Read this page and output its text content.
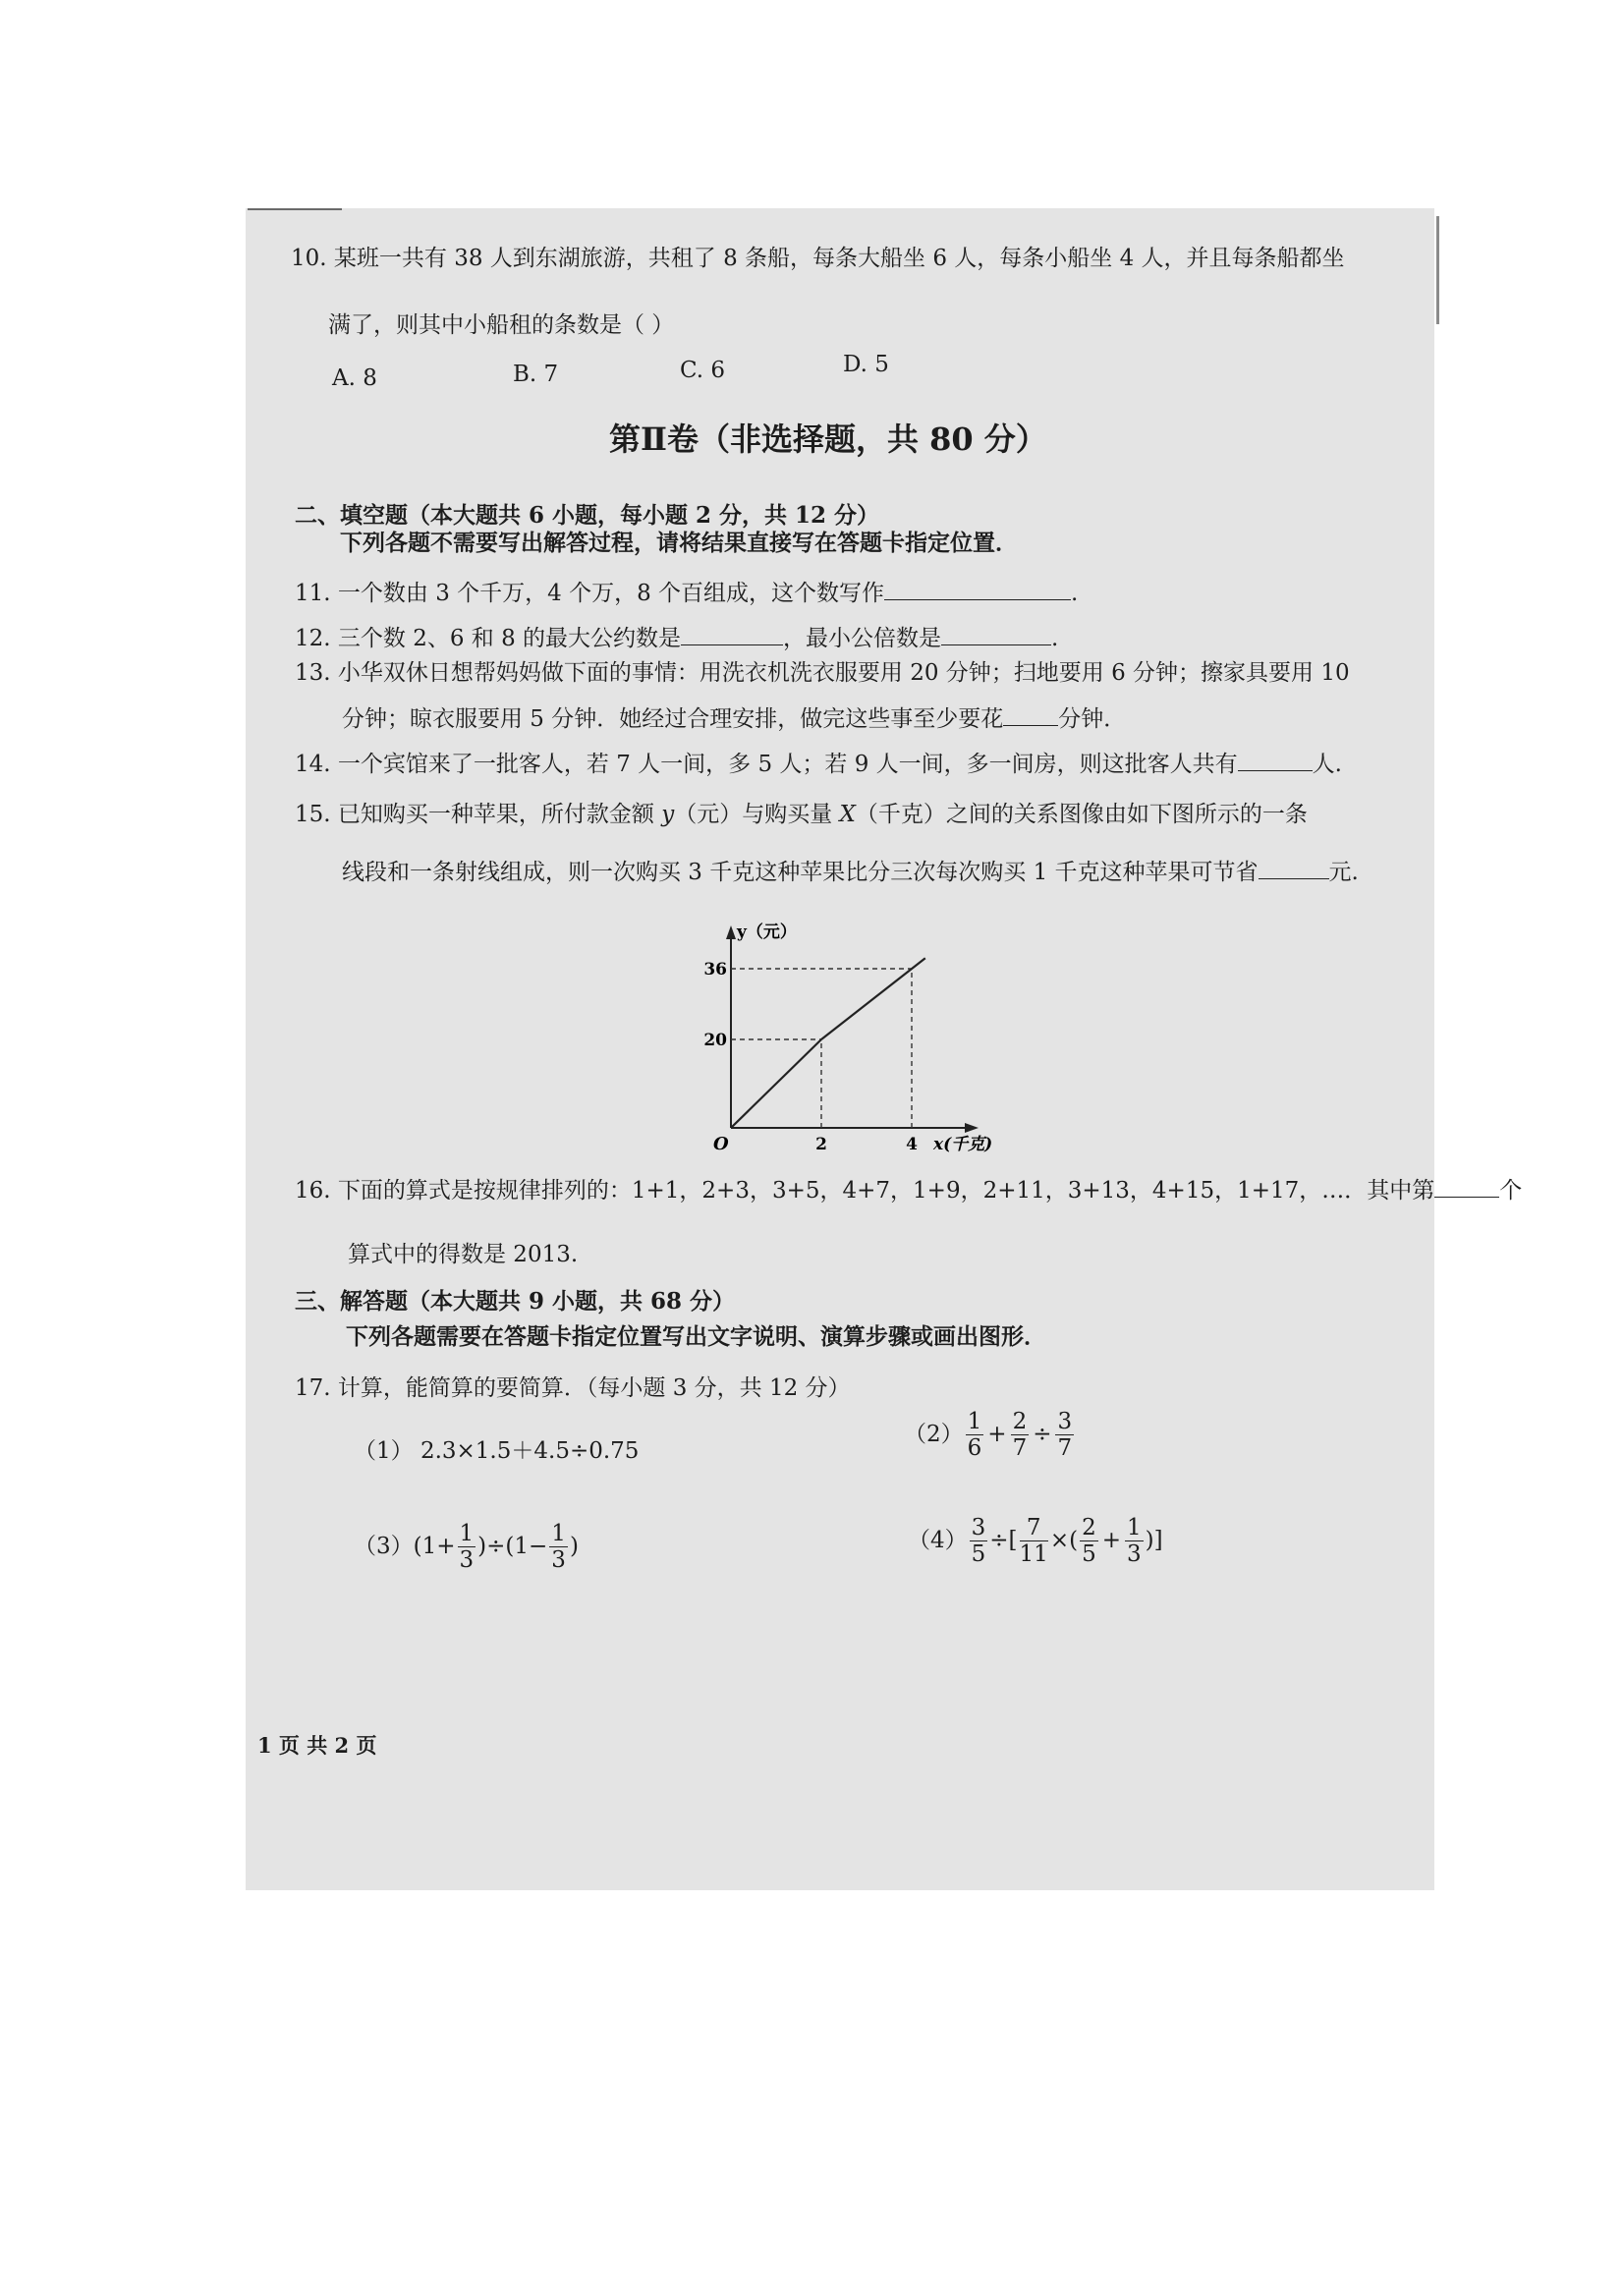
10. 某班一共有 38 人到东湖旅游，共租了 8 条船，每条大船坐 6 人，每条小船坐 4 人，并且每条船都坐
满了，则其中小船租的条数是（ ）
A. 8	B. 7	C. 6	D. 5
第Ⅱ卷（非选择题，共 80 分）
二、填空题（本大题共 6 小题，每小题 2 分，共 12 分）
下列各题不需要写出解答过程，请将结果直接写在答题卡指定位置．
11. 一个数由 3 个千万，4 个万，8 个百组成，这个数写作	.
12. 三个数 2、6 和 8 的最大公约数是	，最小公倍数是	.
13. 小华双休日想帮妈妈做下面的事情：用洗衣机洗衣服要用 20 分钟；扫地要用 6 分钟；擦家具要用 10
分钟；晾衣服要用 5 分钟．她经过合理安排，做完这些事至少要花 分钟．
14. 一个宾馆来了一批客人，若 7 人一间，多 5 人；若 9 人一间，多一间房，则这批客人共有	人.
15. 已知购买一种苹果，所付款金额 y（元）与购买量 X（千克）之间的关系图像由如下图所示的一条
线段和一条射线组成，则一次购买 3 千克这种苹果比分三次每次购买 1 千克这种苹果可节省	元.
y（元）
x(千克)
O	2	4
20
36
16. 下面的算式是按规律排列的：1+1，2+3，3+5，4+7，1+9，2+11，3+13，4+15，1+17，…．其中第	个
算式中的得数是 2013.
三、解答题（本大题共 9 小题，共 68 分）
下列各题需要在答题卡指定位置写出文字说明、演算步骤或画出图形．
17. 计算，能简算的要简算．（每小题 3 分，共 12 分）
（1） 2.3×1.5＋4.5÷0.75
$(2) \frac{1}{6} + \frac{2}{7} \div \frac{3}{7}$
（3） $(1+ \frac{1}{3} )\div(1- \frac{1}{3}$ )	$(4) \frac{3}{5}$ ÷[ $\frac{7}{11}$ ×( $\frac{2}{5} + \frac{1}{3}$ )]
1 页 共 2 页
